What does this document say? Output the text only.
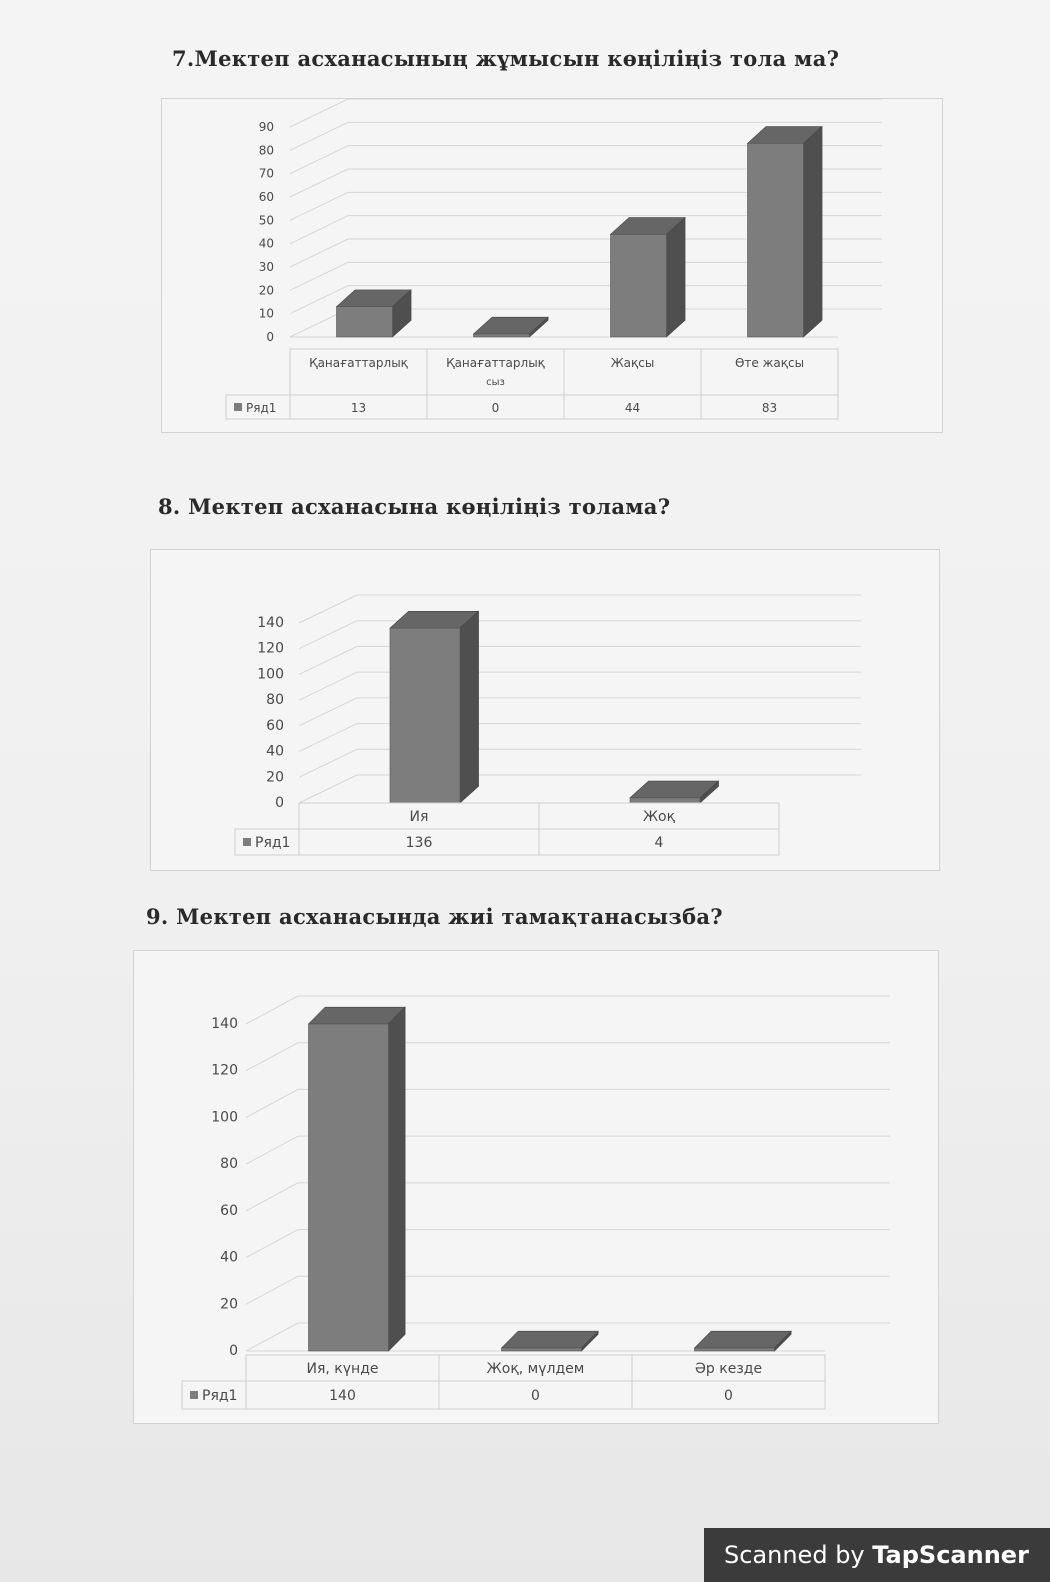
7.Мектеп асханасының жұмысын көңіліңіз тола ма?
0
10
20
30
40
50
60
70
80
90
Ряд1
Қанағаттарлық
13
Қанағаттарлық сыз
0
Жақсы
44
Өте жақсы
83
8. Мектеп асханасына көңіліңіз толама?
0
20
40
60
80
100
120
140
Ряд1
Ия
136
Жоқ
4
9. Мектеп асханасында жиі тамақтанасызба?
0
20
40
60
80
100
120
140
Ряд1
Ия, күнде
140
Жоқ, мүлдем
0
Әр кезде
0
Scanned by TapScanner
